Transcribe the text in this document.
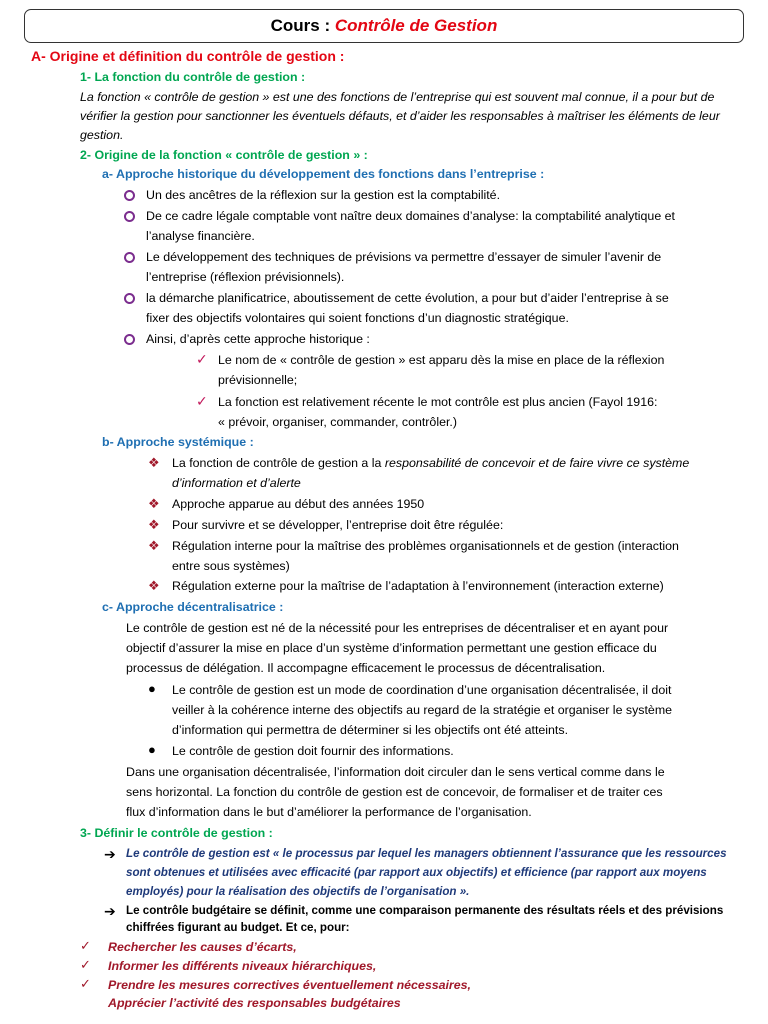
Cours : Contrôle de Gestion
A- Origine et définition du contrôle de gestion :
1- La fonction du contrôle de gestion :
La fonction « contrôle de gestion » est une des fonctions de l’entreprise qui est souvent mal connue, il a pour but de
vérifier la gestion pour sanctionner les éventuels défauts, et d’aider les responsables à maîtriser les éléments de leur
gestion.
2- Origine de la fonction « contrôle de gestion » :
a- Approche historique du développement des fonctions dans l’entreprise :
Un des ancêtres de la réflexion sur la gestion est la comptabilité.
De ce cadre légale comptable vont naître deux domaines d’analyse: la comptabilité analytique et
l’analyse financière.
Le développement des techniques de prévisions va permettre d’essayer de simuler l’avenir de
l’entreprise (réflexion prévisionnels).
la démarche planificatrice, aboutissement de cette évolution, a pour but d’aider l’entreprise à se
fixer des objectifs volontaires qui soient fonctions d’un diagnostic stratégique.
Ainsi, d’après cette approche historique :
✓ Le nom de « contrôle de gestion » est apparu dès la mise en place de la réflexion
prévisionnelle;
✓ La fonction est relativement récente le mot contrôle est plus ancien (Fayol 1916:
« prévoir, organiser, commander, contrôler.)
b- Approche systémique :
❖ La fonction de contrôle de gestion a la responsabilité de concevoir et de faire vivre ce système
d’information et d’alerte
❖ Approche apparue au début des années 1950
❖ Pour survivre et se développer, l’entreprise doit être régulée:
❖ Régulation interne pour la maîtrise des problèmes organisationnels et de gestion (interaction
entre sous systèmes)
❖ Régulation externe pour la maîtrise de l’adaptation à l’environnement (interaction externe)
c- Approche décentralisatrice :
Le contrôle de gestion est né de la nécessité pour les entreprises de décentraliser et en ayant pour
objectif d’assurer la mise en place d’un système d’information permettant une gestion efficace du
processus de délégation. Il accompagne efficacement le processus de décentralisation.
● Le contrôle de gestion est un mode de coordination d’une organisation décentralisée, il doit
veiller à la cohérence interne des objectifs au regard de la stratégie et organiser le système
d’information qui permettra de déterminer si les objectifs ont été atteints.
● Le contrôle de gestion doit fournir des informations.
Dans une organisation décentralisée, l’information doit circuler dan le sens vertical comme dans le
sens horizontal. La fonction du contrôle de gestion est de concevoir, de formaliser et de traiter ces
flux d’information dans le but d’améliorer la performance de l’organisation.
3- Définir le contrôle de gestion :
➔ Le contrôle de gestion est « le processus par lequel les managers obtiennent l’assurance que les ressources
sont obtenues et utilisées avec efficacité (par rapport aux objectifs) et efficience (par rapport aux moyens
employés) pour la réalisation des objectifs de l’organisation ».
➔ Le contrôle budgétaire se définit, comme une comparaison permanente des résultats réels et des prévisions
chiffrées figurant au budget. Et ce, pour:
✓ Rechercher les causes d’écarts,
✓ Informer les différents niveaux hiérarchiques,
✓ Prendre les mesures correctives éventuellement nécessaires,
Apprécier l’activité des responsables budgétaires
